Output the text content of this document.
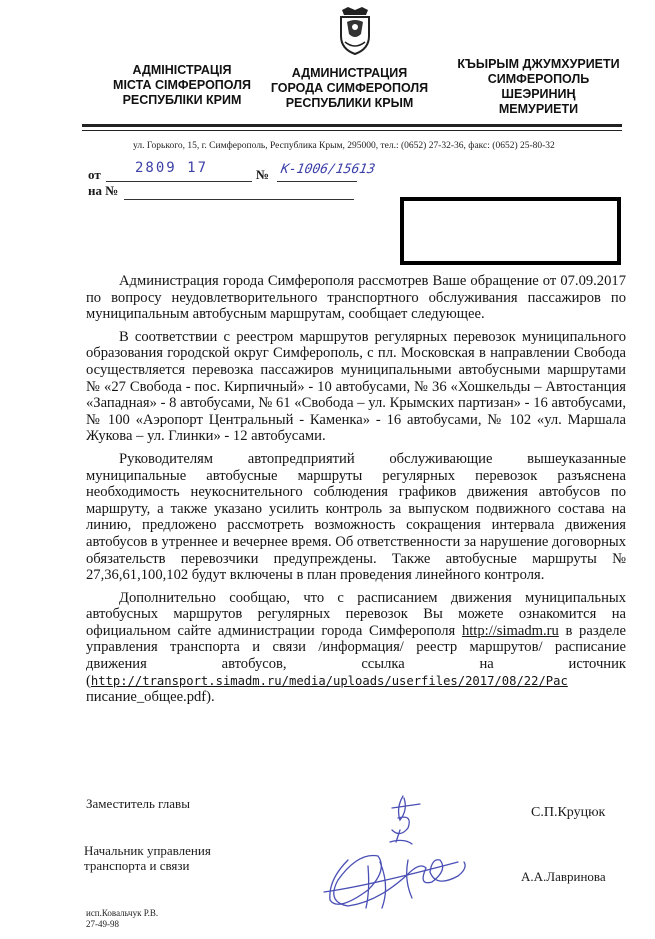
АДМІНІСТРАЦІЯ
МІСТА СІМФЕРОПОЛЯ
РЕСПУБЛІКИ КРИМ
АДМИНИСТРАЦИЯ
ГОРОДА СИМФЕРОПОЛЯ
РЕСПУБЛИКИ КРЫМ
КЪЫРЫМ ДЖУМХУРИЕТИ
СИМФЕРОПОЛЬ
ШЕЭРИНИҢ
МЕМУРИЕТИ
ул. Горького, 15, г. Симферополь, Республика Крым, 295000, тел.: (0652) 27-32-36, факс: (0652) 25-80-32
от 2809 17	№ К-1006/15613
на №

Администрация города Симферополя рассмотрев Ваше обращение от 07.09.2017 по вопросу неудовлетворительного транспортного обслуживания пассажиров по муниципальным автобусным маршрутам, сообщает следующее.

В соответствии с реестром маршрутов регулярных перевозок муниципального образования городской округ Симферополь, с пл. Московская в направлении Свобода осуществляется перевозка пассажиров муниципальными автобусными маршрутами № «27 Свобода - пос. Кирпичный» - 10 автобусами, № 36 «Хошкельды – Автостанция «Западная» - 8 автобусами, № 61 «Свобода – ул. Крымских партизан» - 16 автобусами, № 100 «Аэропорт Центральный - Каменка» - 16 автобусами, № 102 «ул. Маршала Жукова – ул. Глинки» - 12 автобусами.

Руководителям автопредприятий обслуживающие вышеуказанные муниципальные автобусные маршруты регулярных перевозок разъяснена необходимость неукоснительного соблюдения графиков движения автобусов по маршруту, а также указано усилить контроль за выпуском подвижного состава на линию, предложено рассмотреть возможность сокращения интервала движения автобусов в утреннее и вечернее время. Об ответственности за нарушение договорных обязательств перевозчики предупреждены. Также автобусные маршруты № 27,36,61,100,102 будут включены в план проведения линейного контроля.

Дополнительно сообщаю, что с расписанием движения муниципальных автобусных маршрутов регулярных перевозок Вы можете ознакомится на официальном сайте администрации города Симферополя http://simadm.ru в разделе управления транспорта и связи /информация/ реестр маршрутов/ расписание движения автобусов, ссылка на источник (http://transport.simadm.ru/media/uploads/userfiles/2017/08/22/Рас писание_общее.pdf).

Заместитель главы
С.П.Круцюк
Начальник управления
транспорта и связи
А.А.Лавринова
исп.Ковальчук Р.В.
27-49-98
